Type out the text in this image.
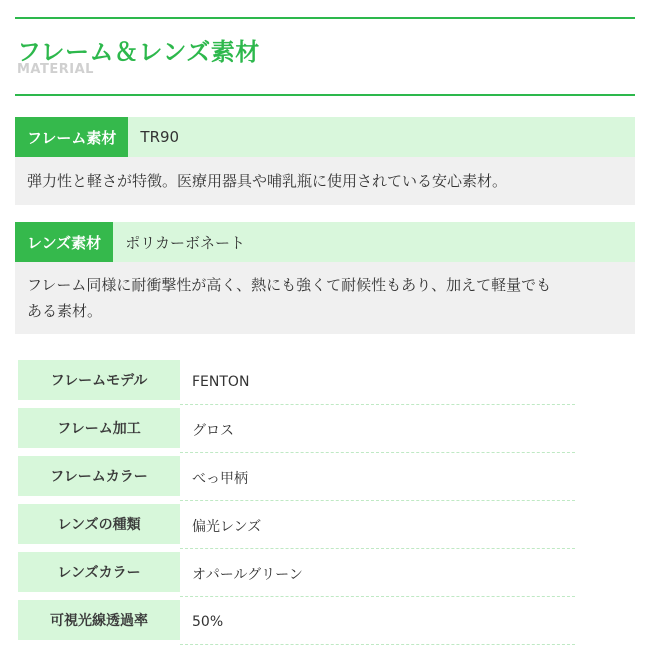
フレーム＆レンズ素材
MATERIAL
フレーム素材	TR90
弾力性と軽さが特徴。医療用器具や哺乳瓶に使用されている安心素材。
レンズ素材	ポリカーボネート
フレーム同様に耐衝撃性が高く、熱にも強くて耐候性もあり、加えて軽量でも
ある素材。
フレームモデル	FENTON
フレーム加工	グロス
フレームカラー	べっ甲柄
レンズの種類	偏光レンズ
レンズカラー	オパールグリーン
可視光線透過率	50%
